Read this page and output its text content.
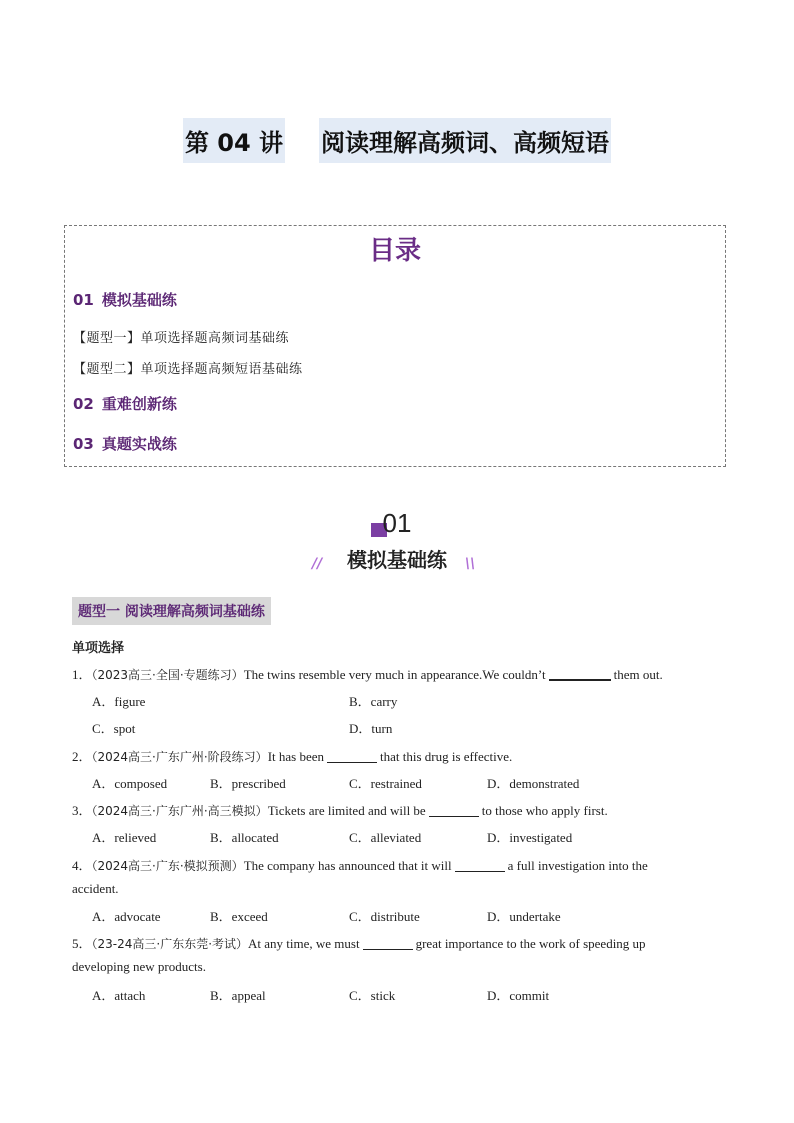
第 04 讲 阅读理解高频词、高频短语
目录
01 模拟基础练
【题型一】单项选择题高频词基础练
【题型二】单项选择题高频短语基础练
02 重难创新练
03 真题实战练
01
//	模拟基础练	\\
题型一 阅读理解高频词基础练
单项选择
1．（2023高三·全国·专题练习）The twins resemble very much in appearance.We couldn’t	them out.
A．figure	B．carry
C．spot	D．turn
2．（2024高三·广东广州·阶段练习）It has been	that this drug is effective.
A．composed	B．prescribed	C．restrained	D．demonstrated
3．（2024高三·广东广州·高三模拟）Tickets are limited and will be	to those who apply first.
A．relieved	B．allocated	C．alleviated	D．investigated
4．（2024高三·广东·模拟预测）The company has announced that it will	a full investigation into the
accident.
A．advocate	B．exceed	C．distribute	D．undertake
5．（23-24高三·广东东莞·考试）At any time, we must	great importance to the work of speeding up
developing new products.
A．attach	B．appeal	C．stick	D．commit
